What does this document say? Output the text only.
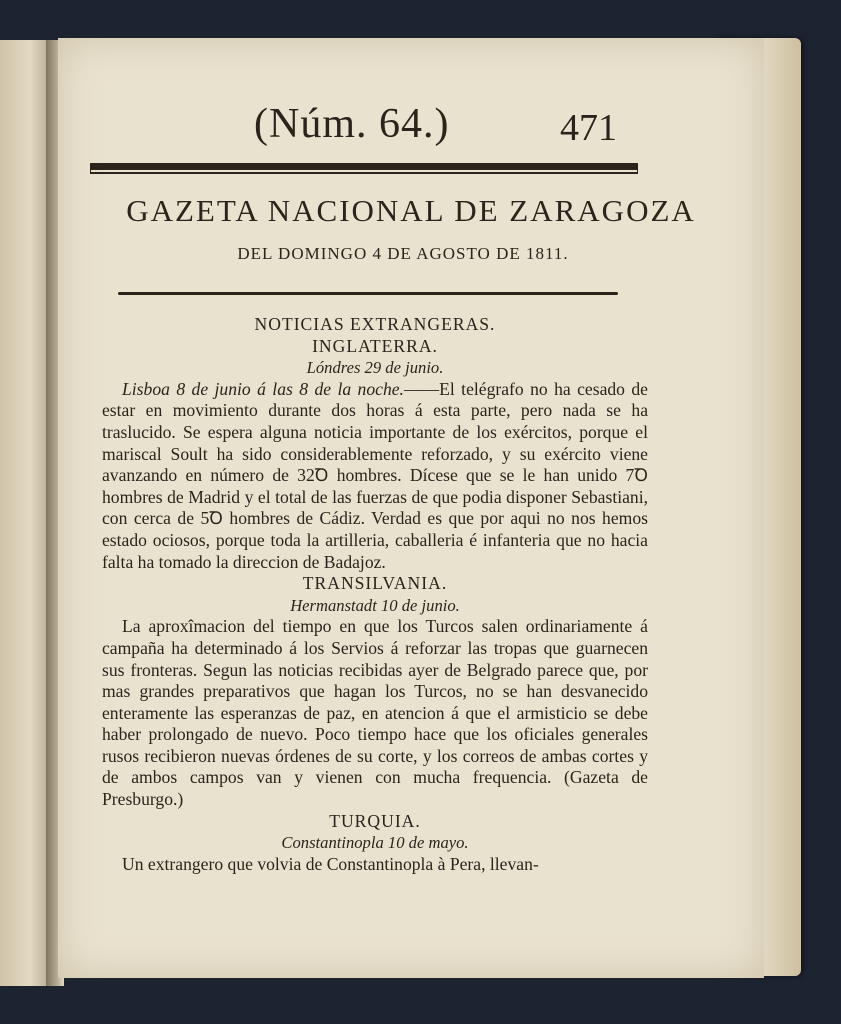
(Núm. 64.)	471
GAZETA NACIONAL DE ZARAGOZA
DEL DOMINGO 4 DE AGOSTO DE 1811.
NOTICIAS EXTRANGERAS.
INGLATERRA.
Lóndres 29 de junio.

Lisboa 8 de junio á las 8 de la noche.——El telégrafo no ha cesado de estar en movimiento durante dos horas á esta parte, pero nada se ha traslucido. Se espera alguna noticia importante de los exércitos, porque el mariscal Soult ha sido considerablemente reforzado, y su exército viene avanzando en número de 32Ꝺ hombres. Dícese que se le han unido 7Ꝺ hombres de Madrid y el total de las fuerzas de que podia disponer Sebastiani, con cerca de 5Ꝺ hombres de Cádiz. Verdad es que por aqui no nos hemos estado ociosos, porque toda la artilleria, caballeria é infanteria que no hacia falta ha tomado la direccion de Badajoz.

TRANSILVANIA.
Hermanstadt 10 de junio.

La aproxîmacion del tiempo en que los Turcos salen ordinariamente á campaña ha determinado á los Servios á reforzar las tropas que guarnecen sus fronteras. Segun las noticias recibidas ayer de Belgrado parece que, por mas grandes preparativos que hagan los Turcos, no se han desvanecido enteramente las esperanzas de paz, en atencion á que el armisticio se debe haber prolongado de nuevo. Poco tiempo hace que los oficiales generales rusos recibieron nuevas órdenes de su corte, y los correos de ambas cortes y de ambos campos van y vienen con mucha frequencia. (Gazeta de Presburgo.)

TURQUIA.
Constantinopla 10 de mayo.

Un extrangero que volvia de Constantinopla à Pera, llevan-
